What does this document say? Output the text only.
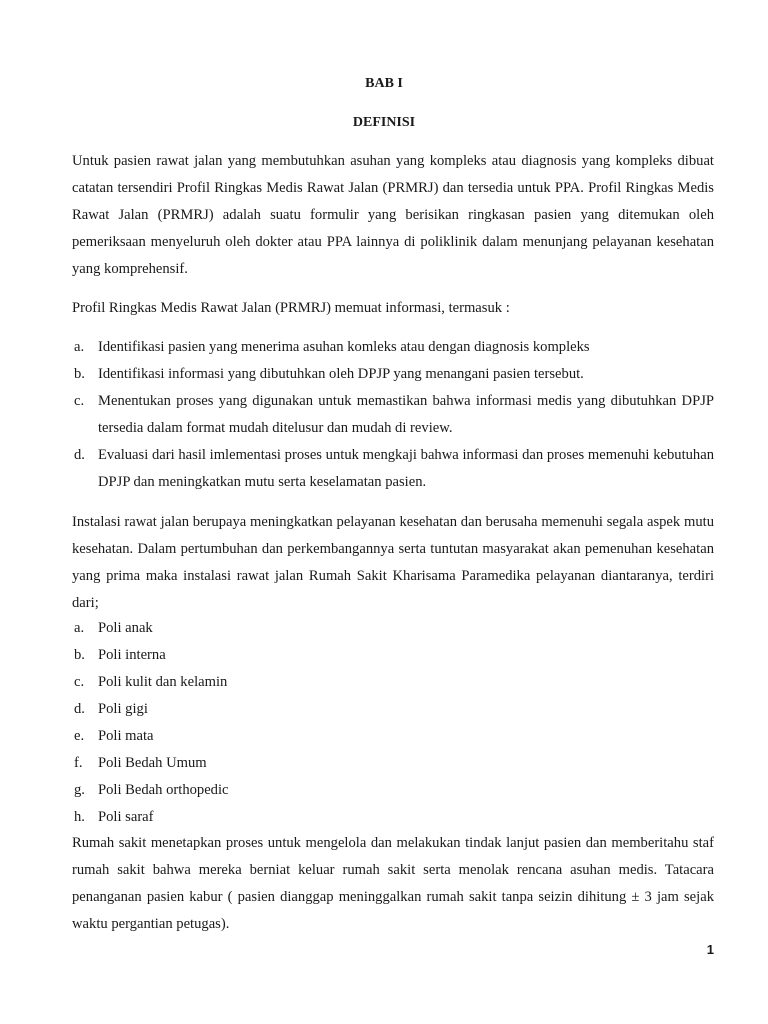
BAB I
DEFINISI

Untuk pasien rawat jalan yang membutuhkan asuhan yang kompleks atau diagnosis yang kompleks dibuat catatan tersendiri Profil Ringkas Medis Rawat Jalan (PRMRJ) dan tersedia untuk PPA. Profil Ringkas Medis Rawat Jalan (PRMRJ) adalah suatu formulir yang berisikan ringkasan pasien yang ditemukan oleh pemeriksaan menyeluruh oleh dokter atau PPA lainnya di poliklinik dalam menunjang pelayanan kesehatan yang komprehensif.

Profil Ringkas Medis Rawat Jalan (PRMRJ) memuat informasi, termasuk :

a. Identifikasi pasien yang menerima asuhan komleks atau dengan diagnosis kompleks
b. Identifikasi informasi yang dibutuhkan oleh DPJP yang menangani pasien tersebut.
c. Menentukan proses yang digunakan untuk memastikan bahwa informasi medis yang dibutuhkan DPJP tersedia dalam format mudah ditelusur dan mudah di review.
d. Evaluasi dari hasil imlementasi proses untuk mengkaji bahwa informasi dan proses memenuhi kebutuhan DPJP dan meningkatkan mutu serta keselamatan pasien.

Instalasi rawat jalan berupaya meningkatkan pelayanan kesehatan dan berusaha memenuhi segala aspek mutu kesehatan. Dalam pertumbuhan dan perkembangannya serta tuntutan masyarakat akan pemenuhan kesehatan yang prima maka instalasi rawat jalan Rumah Sakit Kharisama Paramedika pelayanan diantaranya, terdiri dari;

a. Poli anak
b. Poli interna
c. Poli kulit dan kelamin
d. Poli gigi
e. Poli mata
f. Poli Bedah Umum
g. Poli Bedah orthopedic
h. Poli saraf

Rumah sakit menetapkan proses untuk mengelola dan melakukan tindak lanjut pasien dan memberitahu staf rumah sakit bahwa mereka berniat keluar rumah sakit serta menolak rencana asuhan medis. Tatacara penanganan pasien kabur ( pasien dianggap meninggalkan rumah sakit tanpa seizin dihitung ± 3 jam sejak waktu pergantian petugas).

1
